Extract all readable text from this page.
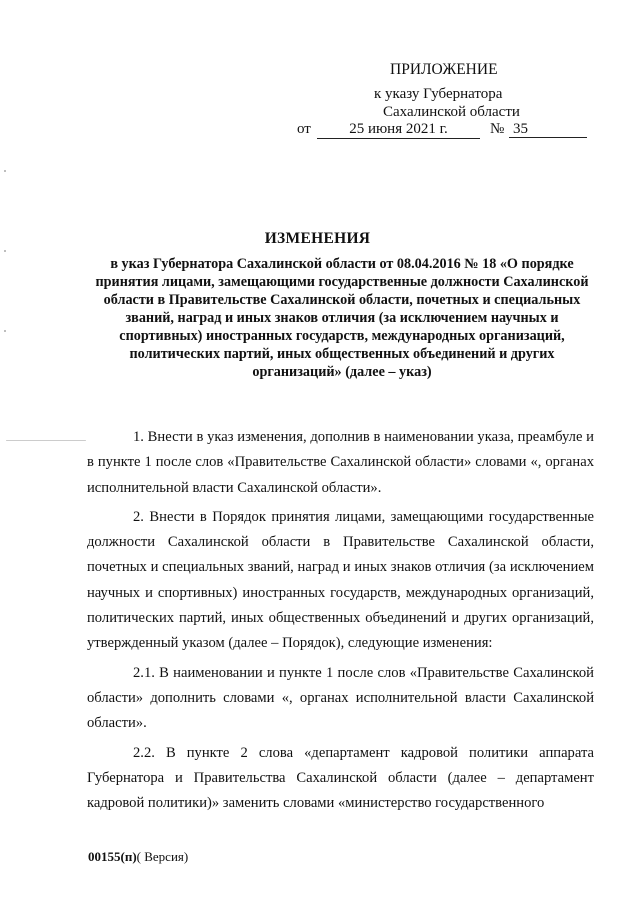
ПРИЛОЖЕНИЕ
к указу Губернатора
Сахалинской области
от	25 июня 2021 г.	№ 35
ИЗМЕНЕНИЯ
в указ Губернатора Сахалинской области от 08.04.2016 № 18 «О порядке принятия лицами, замещающими государственные должности Сахалинской области в Правительстве Сахалинской области, почетных и специальных званий, наград и иных знаков отличия (за исключением научных и спортивных) иностранных государств, международных организаций, политических партий, иных общественных объединений и других организаций» (далее – указ)

1. Внести в указ изменения, дополнив в наименовании указа, преамбуле и в пункте 1 после слов «Правительстве Сахалинской области» словами «, органах исполнительной власти Сахалинской области».

2. Внести в Порядок принятия лицами, замещающими государственные должности Сахалинской области в Правительстве Сахалинской области, почетных и специальных званий, наград и иных знаков отличия (за исключением научных и спортивных) иностранных государств, международных организаций, политических партий, иных общественных объединений и других организаций, утвержденный указом (далее – Порядок), следующие изменения:

2.1. В наименовании и пункте 1 после слов «Правительстве Сахалинской области» дополнить словами «, органах исполнительной власти Сахалинской области».

2.2. В пункте 2 слова «департамент кадровой политики аппарата Губернатора и Правительства Сахалинской области (далее – департамент кадровой политики)» заменить словами «министерство государственного

00155(п)( Версия)
